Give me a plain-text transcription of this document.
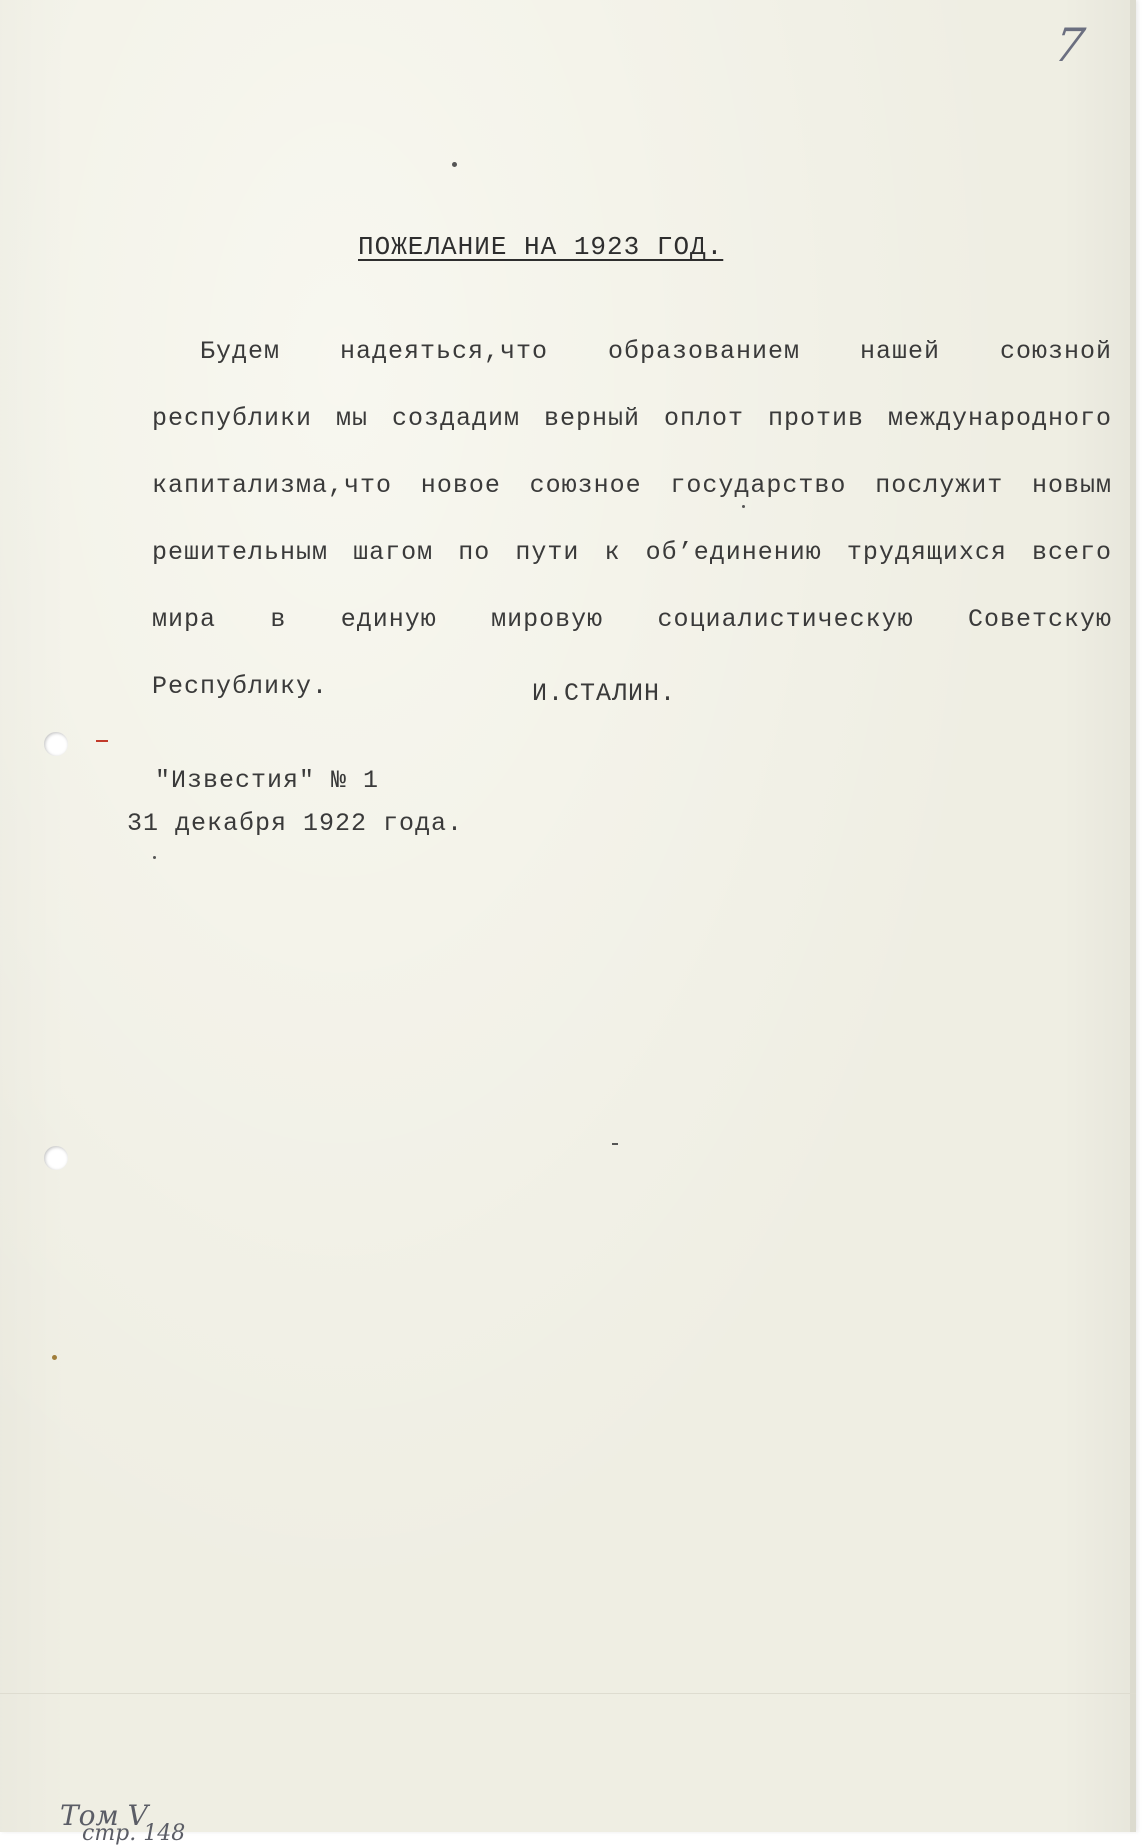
7

ПОЖЕЛАНИЕ НА 1923 ГОД.

Будем надеяться,что образованием нашей союзной республики мы создадим верный оплот против международного капитализма,что новое союзное государство послужит новым решительным шагом по пути к об’единению трудящихся всего мира в единую мировую социалистическую Советскую Республику.	И.СТАЛИН.

"Известия" № 1

31 декабря 1922 года.

Том V
стр. 148
